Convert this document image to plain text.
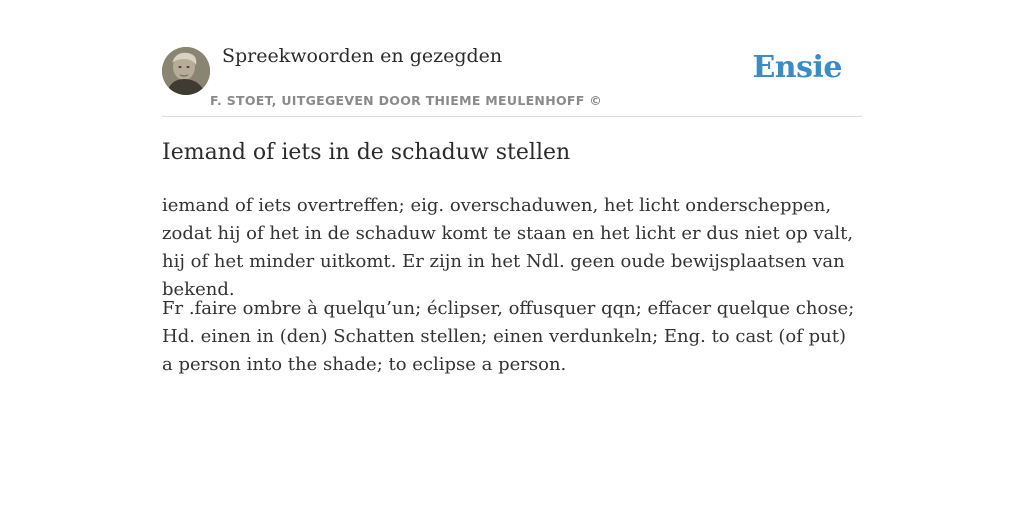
Spreekwoorden en gezegden
F. STOET, UITGEGEVEN DOOR THIEME MEULENHOFF ©
Ensie
Iemand of iets in de schaduw stellen

iemand of iets overtreffen; eig. overschaduwen, het licht onderscheppen, zodat hij of het in de schaduw komt te staan en het licht er dus niet op valt, hij of het minder uitkomt. Er zijn in het Ndl. geen oude bewijsplaatsen van bekend.

Fr .faire ombre à quelqu’un; éclipser, offusquer qqn; effacer quelque chose; Hd. einen in (den) Schatten stellen; einen verdunkeln; Eng. to cast (of put) a person into the shade; to eclipse a person.
